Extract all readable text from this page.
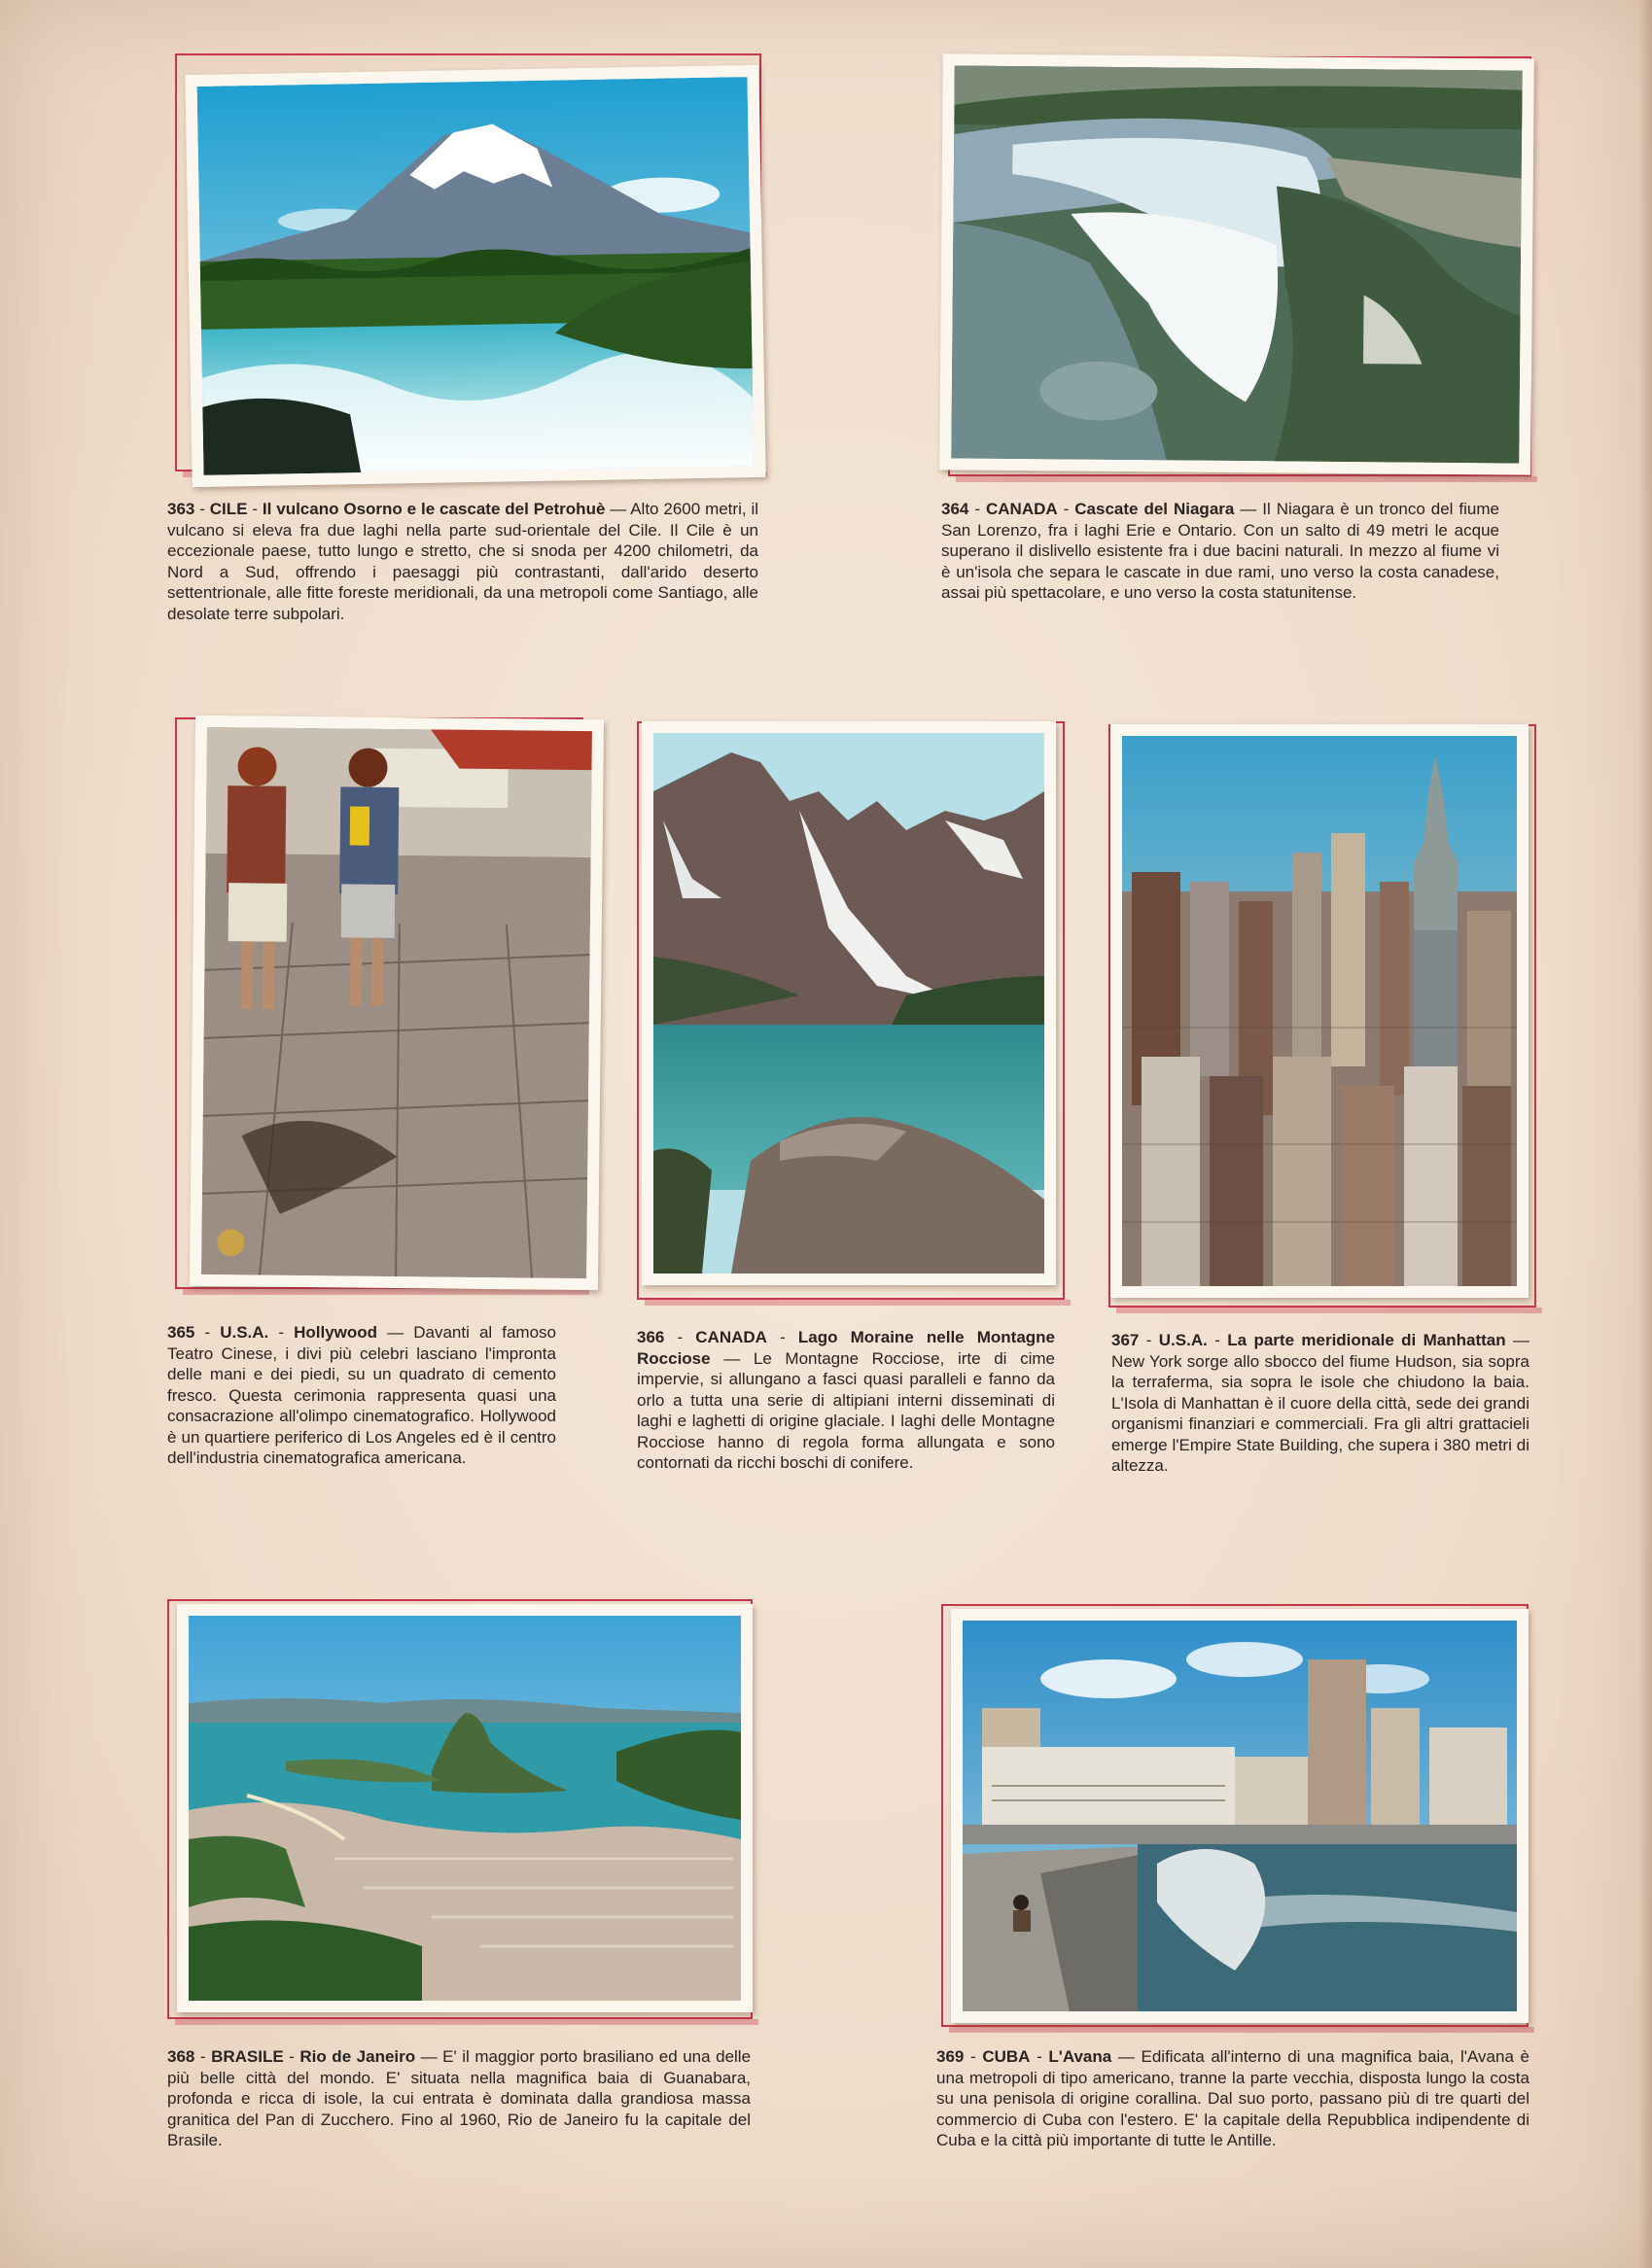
363 - CILE - Il vulcano Osorno e le cascate del Petrohuè — Alto 2600 metri, il vulcano si eleva fra due laghi nella parte sud-orientale del Cile. Il Cile è un eccezionale paese, tutto lungo e stretto, che si snoda per 4200 chilometri, da Nord a Sud, offrendo i paesaggi più contrastanti, dall'arido deserto settentrionale, alle fitte foreste meridionali, da una metropoli come Santiago, alle desolate terre subpolari.

364 - CANADA - Cascate del Niagara — Il Niagara è un tronco del fiume San Lorenzo, fra i laghi Erie e Ontario. Con un salto di 49 metri le acque superano il dislivello esistente fra i due bacini naturali. In mezzo al fiume vi è un'isola che separa le cascate in due rami, uno verso la costa canadese, assai più spettacolare, e uno verso la costa statunitense.

365 - U.S.A. - Hollywood — Davanti al famoso Teatro Cinese, i divi più celebri lasciano l'impronta delle mani e dei piedi, su un quadrato di cemento fresco. Questa cerimonia rappresenta quasi una consacrazione all'olimpo cinematografico. Hollywood è un quartiere periferico di Los Angeles ed è il centro dell'industria cinematografica americana.

366 - CANADA - Lago Moraine nelle Montagne Rocciose — Le Montagne Rocciose, irte di cime impervie, si allungano a fasci quasi paralleli e fanno da orlo a tutta una serie di altipiani interni disseminati di laghi e laghetti di origine glaciale. I laghi delle Montagne Rocciose hanno di regola forma allungata e sono contornati da ricchi boschi di conifere.

367 - U.S.A. - La parte meridionale di Manhattan — New York sorge allo sbocco del fiume Hudson, sia sopra la terraferma, sia sopra le isole che chiudono la baia. L'Isola di Manhattan è il cuore della città, sede dei grandi organismi finanziari e commerciali. Fra gli altri grattacieli emerge l'Empire State Building, che supera i 380 metri di altezza.

368 - BRASILE - Rio de Janeiro — E' il maggior porto brasiliano ed una delle più belle città del mondo. E' situata nella magnifica baia di Guanabara, profonda e ricca di isole, la cui entrata è dominata dalla grandiosa massa granitica del Pan di Zucchero. Fino al 1960, Rio de Janeiro fu la capitale del Brasile.

369 - CUBA - L'Avana — Edificata all'interno di una magnifica baia, l'Avana è una metropoli di tipo americano, tranne la parte vecchia, disposta lungo la costa su una penisola di origine corallina. Dal suo porto, passano più di tre quarti del commercio di Cuba con l'estero. E' la capitale della Repubblica indipendente di Cuba e la città più importante di tutte le Antille.
